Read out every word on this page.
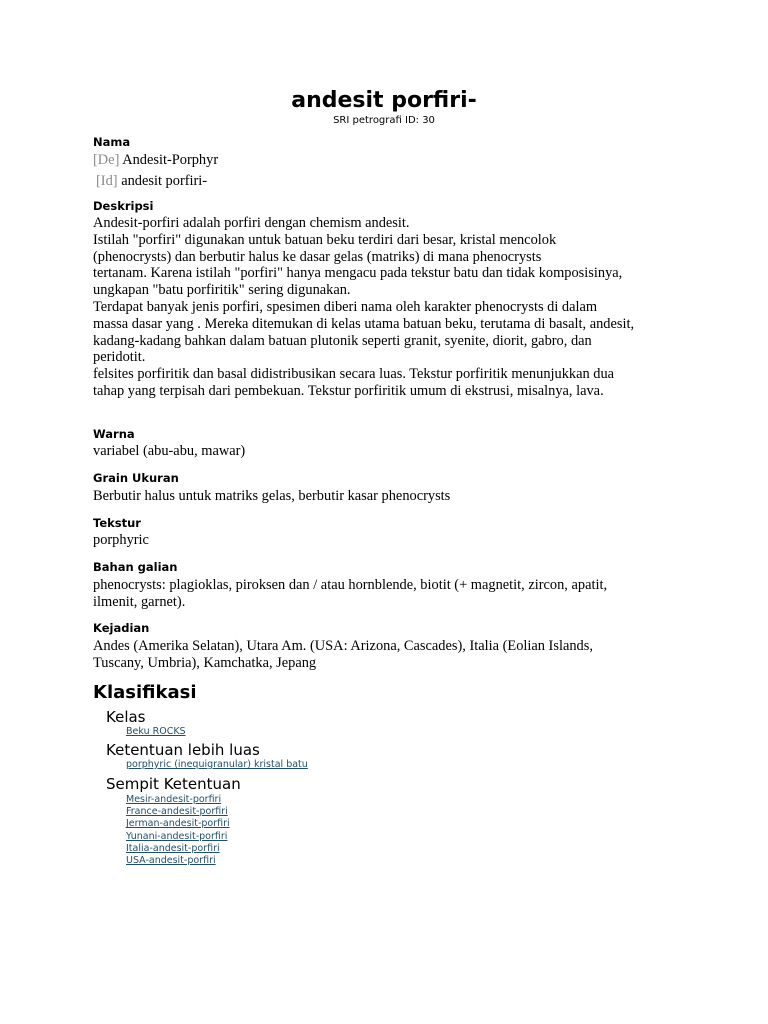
andesit porfiri-
SRI petrografi ID: 30
Nama
[De] Andesit-Porphyr
[Id] andesit porfiri-
Deskripsi
Andesit-porfiri adalah porfiri dengan chemism andesit.
Istilah "porfiri" digunakan untuk batuan beku terdiri dari besar, kristal mencolok
(phenocrysts) dan berbutir halus ke dasar gelas (matriks) di mana phenocrysts
tertanam. Karena istilah "porfiri" hanya mengacu pada tekstur batu dan tidak komposisinya,
ungkapan "batu porfiritik" sering digunakan.
Terdapat banyak jenis porfiri, spesimen diberi nama oleh karakter phenocrysts di dalam
massa dasar yang . Mereka ditemukan di kelas utama batuan beku, terutama di basalt, andesit,
kadang-kadang bahkan dalam batuan plutonik seperti granit, syenite, diorit, gabro, dan
peridotit.
felsites porfiritik dan basal didistribusikan secara luas. Tekstur porfiritik menunjukkan dua
tahap yang terpisah dari pembekuan. Tekstur porfiritik umum di ekstrusi, misalnya, lava.
Warna
variabel (abu-abu, mawar)
Grain Ukuran
Berbutir halus untuk matriks gelas, berbutir kasar phenocrysts
Tekstur
porphyric
Bahan galian
phenocrysts: plagioklas, piroksen dan / atau hornblende, biotit (+ magnetit, zircon, apatit,
ilmenit, garnet).
Kejadian
Andes (Amerika Selatan), Utara Am. (USA: Arizona, Cascades), Italia (Eolian Islands,
Tuscany, Umbria), Kamchatka, Jepang
Klasifikasi
Kelas
Beku ROCKS
Ketentuan lebih luas
porphyric (inequigranular) kristal batu
Sempit Ketentuan
Mesir-andesit-porfiri
France-andesit-porfiri
Jerman-andesit-porfiri
Yunani-andesit-porfiri
Italia-andesit-porfiri
USA-andesit-porfiri
